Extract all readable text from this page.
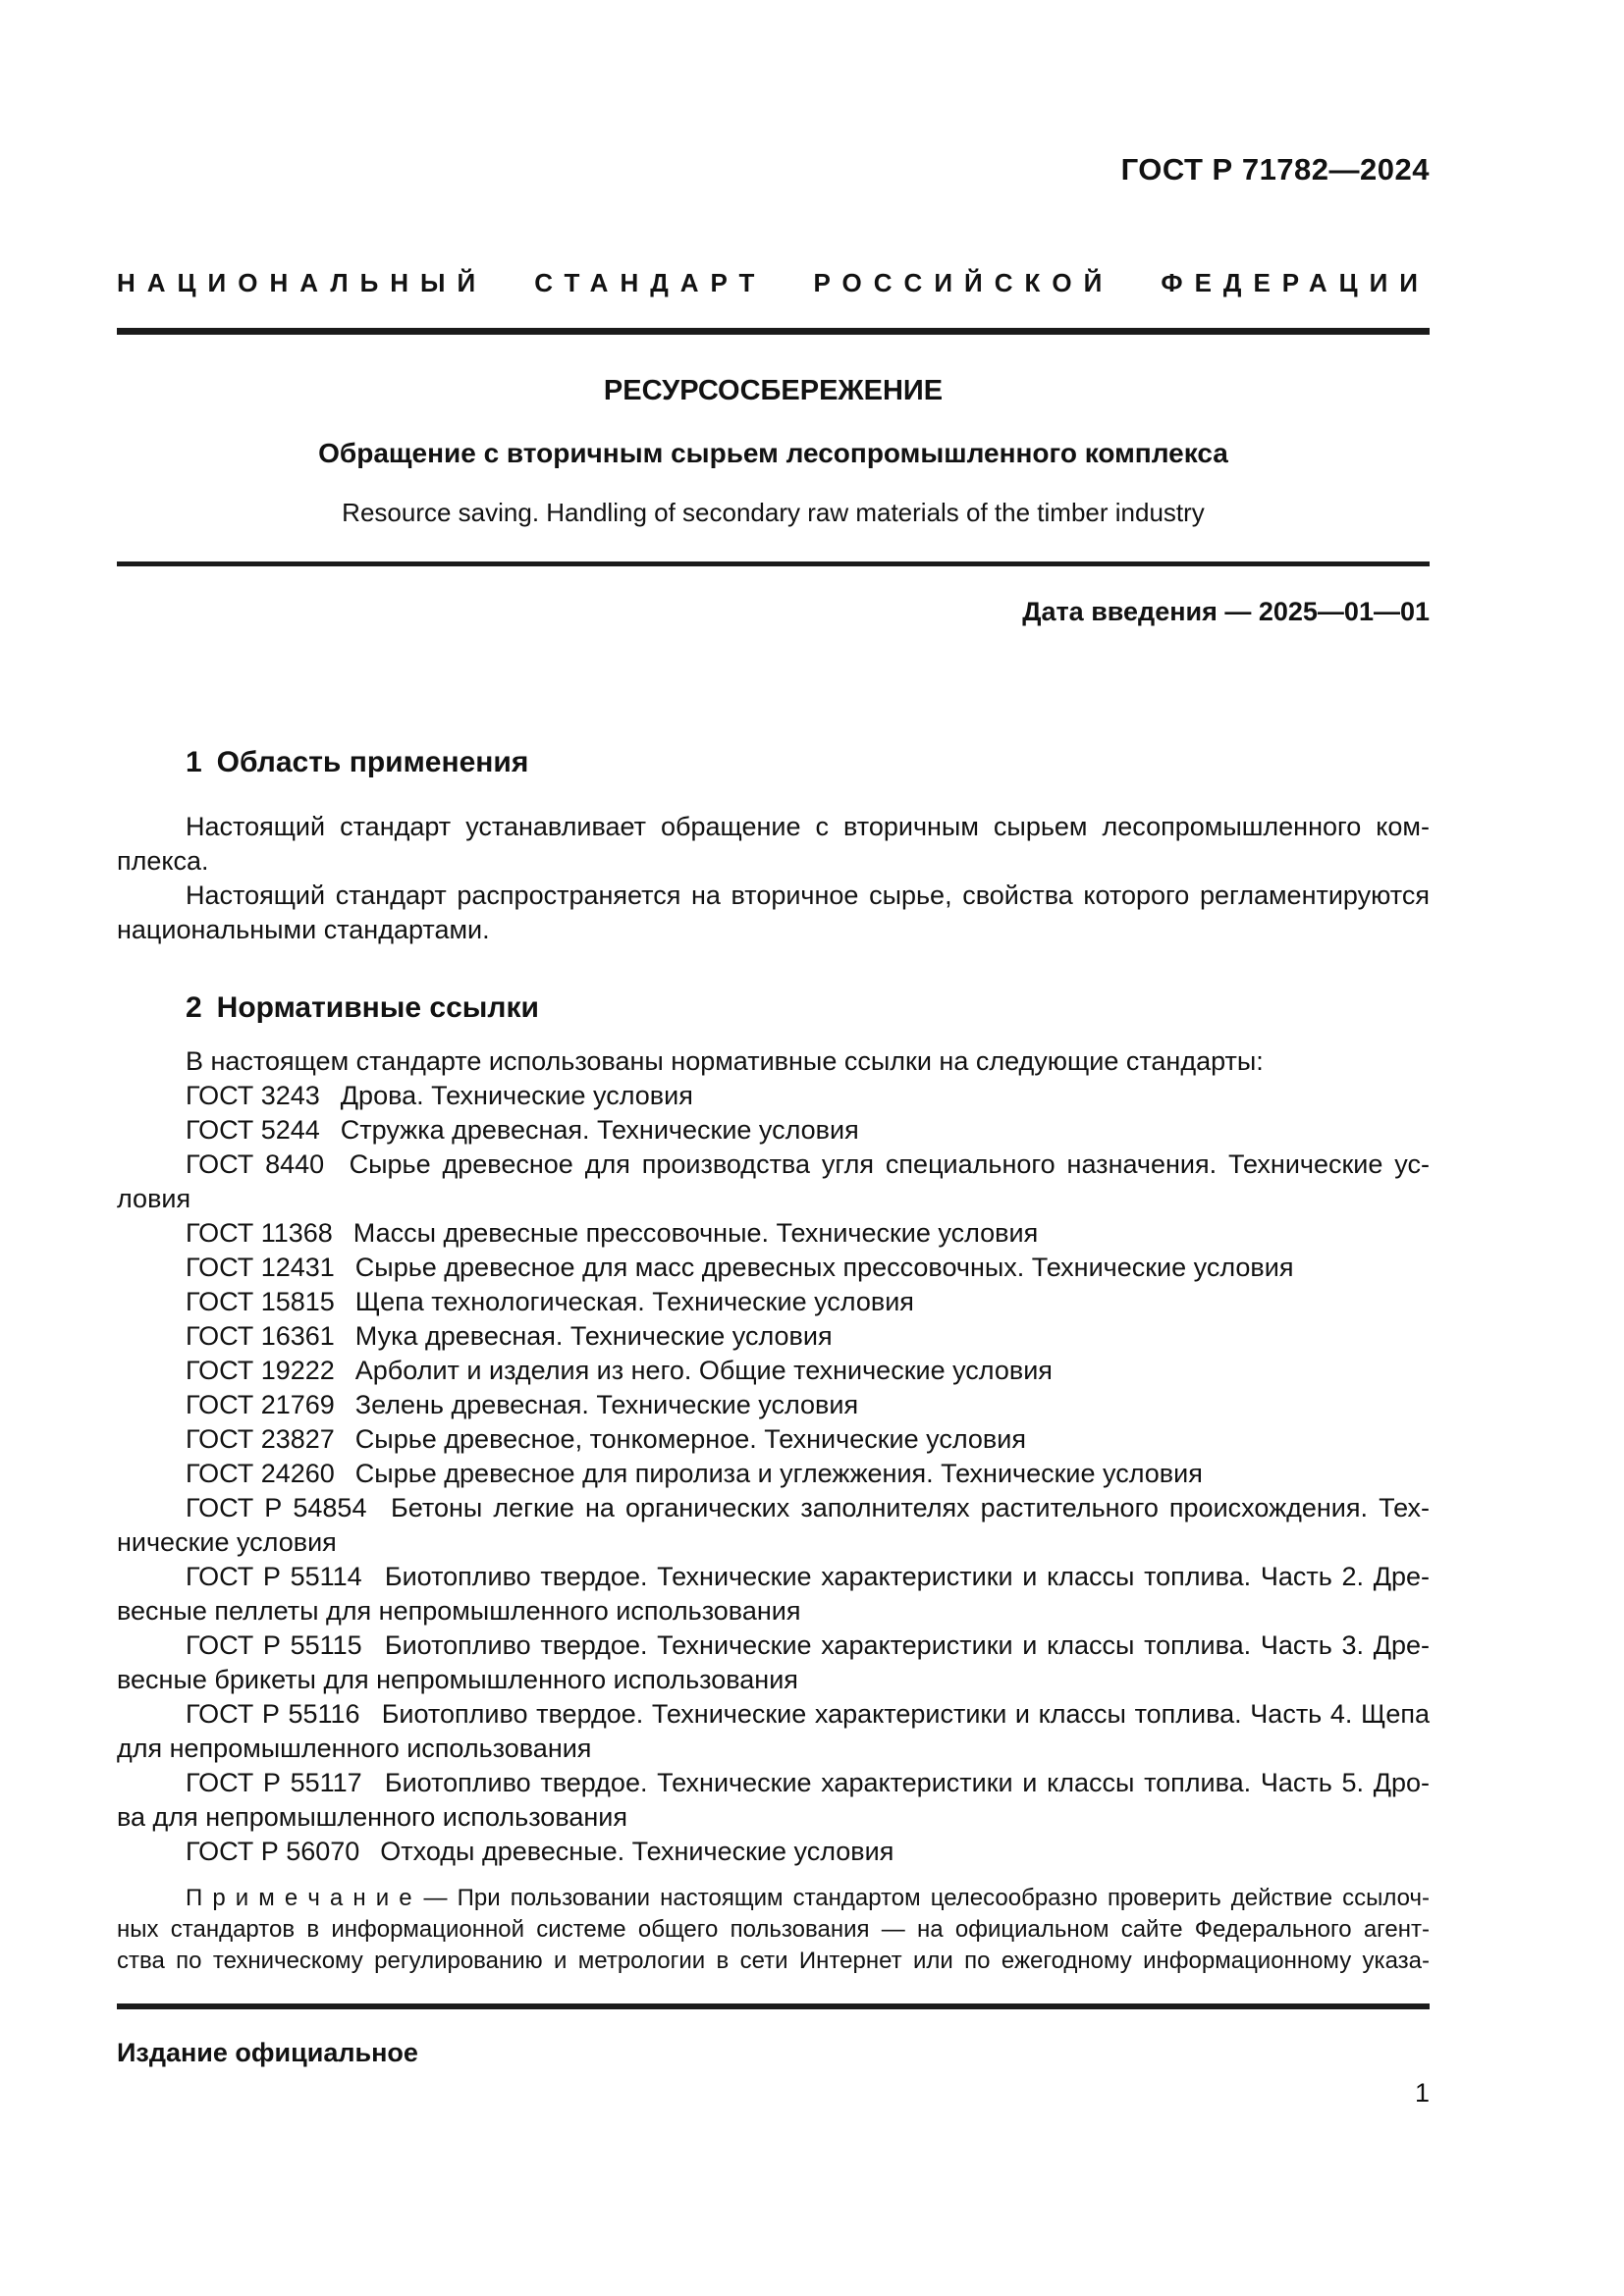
ГОСТ Р 71782—2024
НАЦИОНАЛЬНЫЙ СТАНДАРТ РОССИЙСКОЙ ФЕДЕРАЦИИ
РЕСУРСОСБЕРЕЖЕНИЕ
Обращение с вторичным сырьем лесопромышленного комплекса
Resource saving. Handling of secondary raw materials of the timber industry
Дата введения — 2025—01—01
1 Область применения
Настоящий стандарт устанавливает обращение с вторичным сырьем лесопромышленного ком-
плекса.
Настоящий стандарт распространяется на вторичное сырье, свойства которого регламентируются
национальными стандартами.
2 Нормативные ссылки
В настоящем стандарте использованы нормативные ссылки на следующие стандарты:
ГОСТ 3243  Дрова. Технические условия
ГОСТ 5244  Стружка древесная. Технические условия
ГОСТ 8440  Сырье древесное для производства угля специального назначения. Технические ус-
ловия
ГОСТ 11368  Массы древесные прессовочные. Технические условия
ГОСТ 12431  Сырье древесное для масс древесных прессовочных. Технические условия
ГОСТ 15815  Щепа технологическая. Технические условия
ГОСТ 16361  Мука древесная. Технические условия
ГОСТ 19222  Арболит и изделия из него. Общие технические условия
ГОСТ 21769  Зелень древесная. Технические условия
ГОСТ 23827  Сырье древесное, тонкомерное. Технические условия
ГОСТ 24260  Сырье древесное для пиролиза и углежжения. Технические условия
ГОСТ Р 54854  Бетоны легкие на органических заполнителях растительного происхождения. Тех-
нические условия
ГОСТ Р 55114  Биотопливо твердое. Технические характеристики и классы топлива. Часть 2. Дре-
весные пеллеты для непромышленного использования
ГОСТ Р 55115  Биотопливо твердое. Технические характеристики и классы топлива. Часть 3. Дре-
весные брикеты для непромышленного использования
ГОСТ Р 55116  Биотопливо твердое. Технические характеристики и классы топлива. Часть 4. Щепа
для непромышленного использования
ГОСТ Р 55117  Биотопливо твердое. Технические характеристики и классы топлива. Часть 5. Дро-
ва для непромышленного использования
ГОСТ Р 56070  Отходы древесные. Технические условия
П р и м е ч а н и е — При пользовании настоящим стандартом целесообразно проверить действие ссылоч-
ных стандартов в информационной системе общего пользования — на официальном сайте Федерального агент-
ства по техническому регулированию и метрологии в сети Интернет или по ежегодному информационному указа-
Издание официальное
1
